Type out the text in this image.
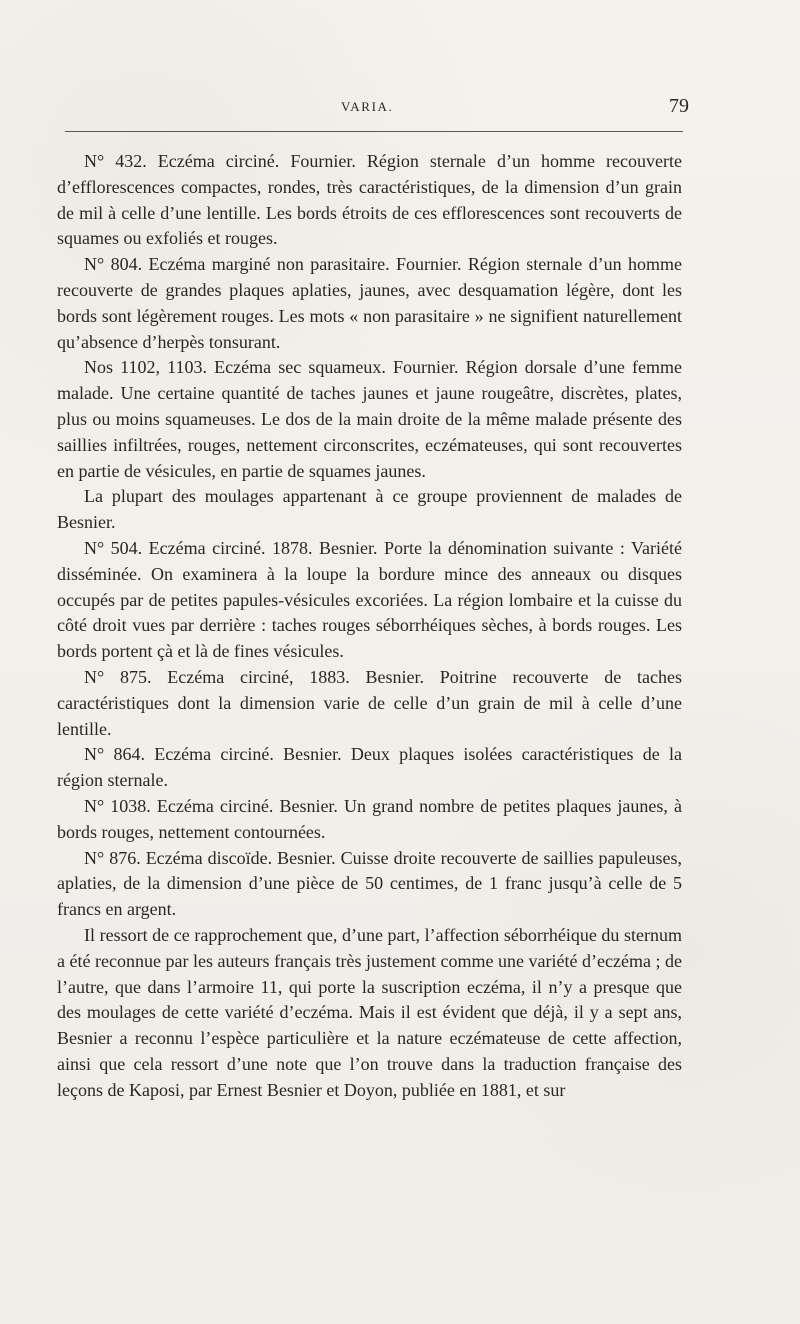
VARIA.	79

N° 432. Eczéma circiné. Fournier. Région sternale d’un homme recouverte d’efflorescences compactes, rondes, très caractéristiques, de la dimension d’un grain de mil à celle d’une lentille. Les bords étroits de ces efflorescences sont recouverts de squames ou exfoliés et rouges.

N° 804. Eczéma marginé non parasitaire. Fournier. Région sternale d’un homme recouverte de grandes plaques aplaties, jaunes, avec desquamation légère, dont les bords sont légèrement rouges. Les mots « non parasitaire » ne signifient naturellement qu’absence d’herpès tonsurant.

Nos 1102, 1103. Eczéma sec squameux. Fournier. Région dorsale d’une femme malade. Une certaine quantité de taches jaunes et jaune rougeâtre, discrètes, plates, plus ou moins squameuses. Le dos de la main droite de la même malade présente des saillies infiltrées, rouges, nettement circonscrites, eczémateuses, qui sont recouvertes en partie de vésicules, en partie de squames jaunes.

La plupart des moulages appartenant à ce groupe proviennent de malades de Besnier.

N° 504. Eczéma circiné. 1878. Besnier. Porte la dénomination suivante : Variété disséminée. On examinera à la loupe la bordure mince des anneaux ou disques occupés par de petites papules-vésicules excoriées. La région lombaire et la cuisse du côté droit vues par derrière : taches rouges séborrhéiques sèches, à bords rouges. Les bords portent çà et là de fines vésicules.

N° 875. Eczéma circiné, 1883. Besnier. Poitrine recouverte de taches caractéristiques dont la dimension varie de celle d’un grain de mil à celle d’une lentille.

N° 864. Eczéma circiné. Besnier. Deux plaques isolées caractéristiques de la région sternale.

N° 1038. Eczéma circiné. Besnier. Un grand nombre de petites plaques jaunes, à bords rouges, nettement contournées.

N° 876. Eczéma discoïde. Besnier. Cuisse droite recouverte de saillies papuleuses, aplaties, de la dimension d’une pièce de 50 centimes, de 1 franc jusqu’à celle de 5 francs en argent.

Il ressort de ce rapprochement que, d’une part, l’affection séborrhéique du sternum a été reconnue par les auteurs français très justement comme une variété d’eczéma ; de l’autre, que dans l’armoire 11, qui porte la suscription eczéma, il n’y a presque que des moulages de cette variété d’eczéma. Mais il est évident que déjà, il y a sept ans, Besnier a reconnu l’espèce particulière et la nature eczémateuse de cette affection, ainsi que cela ressort d’une note que l’on trouve dans la traduction française des leçons de Kaposi, par Ernest Besnier et Doyon, publiée en 1881, et sur
